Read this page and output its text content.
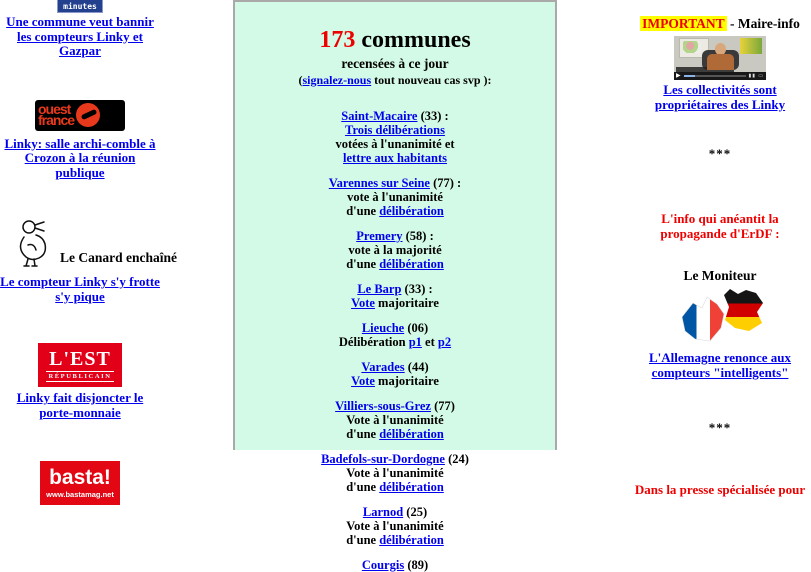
minutes
Une commune veut bannir les compteurs Linky et Gazpar
ouest
france
Linky: salle archi-comble à Crozon à la réunion publique
Le Canard enchaîné
Le compteur Linky s'y frotte s'y pique
L'EST
RÉPUBLICAIN
Linky fait disjoncter le porte-monnaie
basta!
www.bastamag.net
173 communes
recensées à ce jour
(signalez-nous tout nouveau cas svp ):
Saint-Macaire (33) :
Trois délibérations
votées à l'unanimité et
lettre aux habitants
Varennes sur Seine (77) :
vote à l'unanimité
d'une délibération
Premery (58) :
vote à la majorité
d'une délibération
Le Barp (33) :
Vote majoritaire
Lieuche (06)
Délibération p1 et p2
Varades (44)
Vote majoritaire
Villiers-sous-Grez (77)
Vote à l'unanimité
d'une délibération
Badefols-sur-Dordogne (24)
Vote à l'unanimité
d'une délibération
Larnod (25)
Vote à l'unanimité
d'une délibération
Courgis (89)
IMPORTANT - Maire-info
▶	▮▮ ▭
Les collectivités sont propriétaires des Linky
***
L'info qui anéantit la propagande d'ErDF :
Le Moniteur
L'Allemagne renonce aux compteurs "intelligents"
***
Dans la presse spécialisée pour
